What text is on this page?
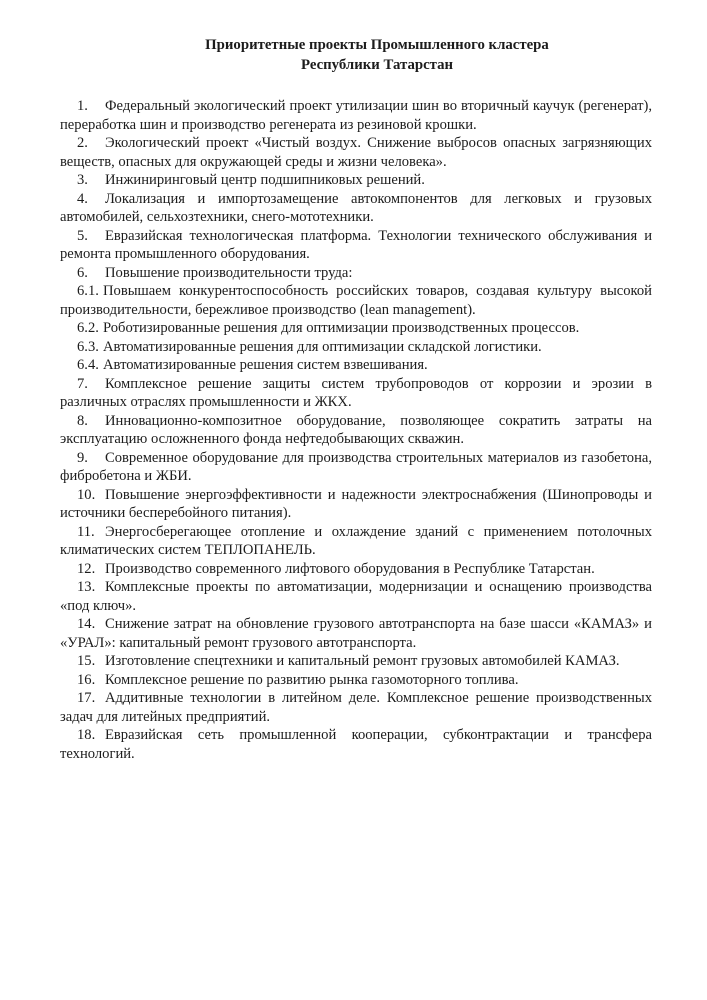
Приоритетные проекты Промышленного кластера
Республики Татарстан

1. Федеральный экологический проект утилизации шин во вторичный каучук (регенерат), переработка шин и производство регенерата из резиновой крошки.

2. Экологический проект «Чистый воздух. Снижение выбросов опасных загрязняющих веществ, опасных для окружающей среды и жизни человека».

3. Инжиниринговый центр подшипниковых решений.

4. Локализация и импортозамещение автокомпонентов для легковых и грузовых автомобилей, сельхозтехники, снего-мототехники.

5. Евразийская технологическая платформа. Технологии технического обслуживания и ремонта промышленного оборудования.

6. Повышение производительности труда:

6.1. Повышаем конкурентоспособность российских товаров, создавая культуру высокой производительности, бережливое производство (lean management).

6.2. Роботизированные решения для оптимизации производственных процессов.

6.3. Автоматизированные решения для оптимизации складской логистики.

6.4. Автоматизированные решения систем взвешивания.

7. Комплексное решение защиты систем трубопроводов от коррозии и эрозии в различных отраслях промышленности и ЖКХ.

8. Инновационно-композитное оборудование, позволяющее сократить затраты на эксплуатацию осложненного фонда нефтедобывающих скважин.

9. Современное оборудование для производства строительных материалов из газобетона, фибробетона и ЖБИ.

10. Повышение энергоэффективности и надежности электроснабжения (Шинопроводы и источники бесперебойного питания).

11. Энергосберегающее отопление и охлаждение зданий с применением потолочных климатических систем ТЕПЛОПАНЕЛЬ.

12. Производство современного лифтового оборудования в Республике Татарстан.

13. Комплексные проекты по автоматизации, модернизации и оснащению производства «под ключ».

14. Снижение затрат на обновление грузового автотранспорта на базе шасси «КАМАЗ» и «УРАЛ»: капитальный ремонт грузового автотранспорта.

15. Изготовление спецтехники и капитальный ремонт грузовых автомобилей КАМАЗ.

16. Комплексное решение по развитию рынка газомоторного топлива.

17. Аддитивные технологии в литейном деле. Комплексное решение производственных задач для литейных предприятий.

18. Евразийская сеть промышленной кооперации, субконтрактации и трансфера технологий.
